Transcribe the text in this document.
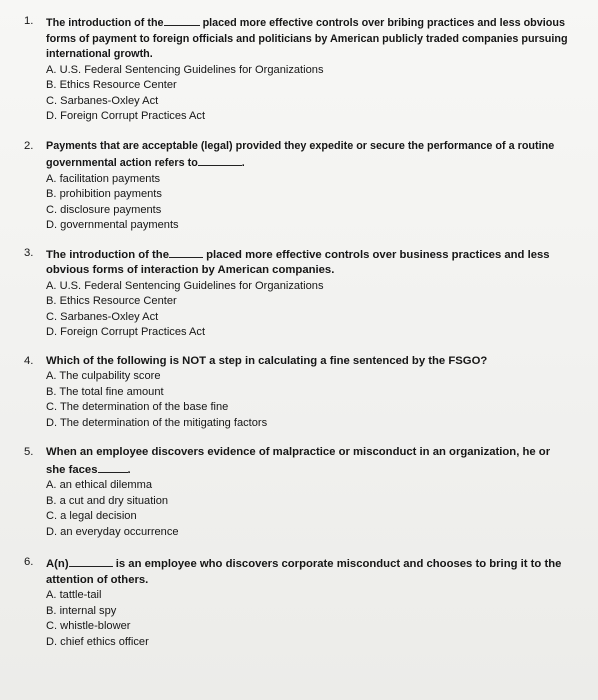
1.	The introduction of the	placed more effective controls over bribing practices and less obvious forms of payment to foreign officials and politicians by American publicly traded companies pursuing international growth.
A. U.S. Federal Sentencing Guidelines for Organizations
B. Ethics Resource Center
C. Sarbanes-Oxley Act
D. Foreign Corrupt Practices Act
2.	Payments that are acceptable (legal) provided they expedite or secure the performance of a routine governmental action refers to	.
A. facilitation payments
B. prohibition payments
C. disclosure payments
D. governmental payments
3.	The introduction of the	placed more effective controls over business practices and less obvious forms of interaction by American companies.
A. U.S. Federal Sentencing Guidelines for Organizations
B. Ethics Resource Center
C. Sarbanes-Oxley Act
D. Foreign Corrupt Practices Act
4.	Which of the following is NOT a step in calculating a fine sentenced by the FSGO?
A. The culpability score
B. The total fine amount
C. The determination of the base fine
D. The determination of the mitigating factors
5.	When an employee discovers evidence of malpractice or misconduct in an organization, he or she faces	.
A. an ethical dilemma
B. a cut and dry situation
C. a legal decision
D. an everyday occurrence
6.	A(n)	is an employee who discovers corporate misconduct and chooses to bring it to the attention of others.
A. tattle-tail
B. internal spy
C. whistle-blower
D. chief ethics officer
